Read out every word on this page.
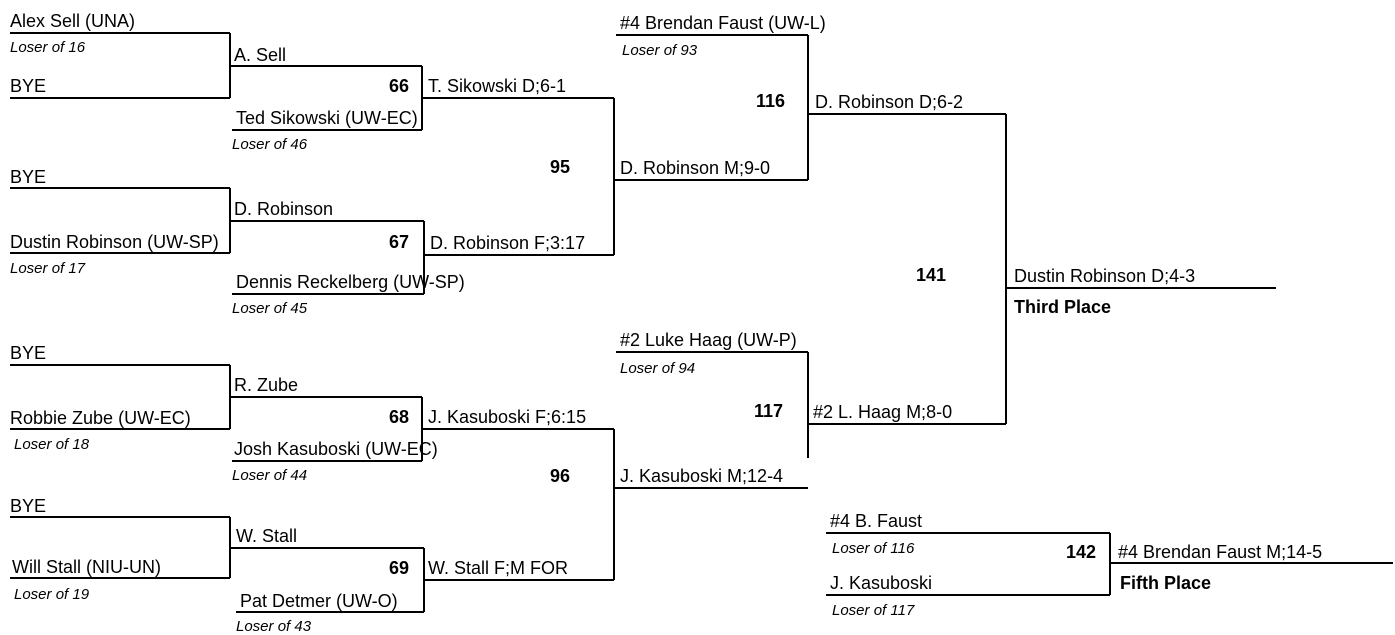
Alex Sell (UNA)
Loser of 16
BYE
A. Sell
Ted Sikowski (UW-EC)
Loser of 46
66 T. Sikowski D;6-1
BYE
D. Robinson
Dustin Robinson (UW-SP)
Loser of 17
Dennis Reckelberg (UW-SP)
Loser of 45
67 D. Robinson F;3:17
95	D. Robinson M;9-0
#4 Brendan Faust (UW-L)
Loser of 93
116 D. Robinson D;6-2
141	Dustin Robinson D;4-3
Third Place
BYE
R. Zube
Robbie Zube (UW-EC)
Loser of 18	Josh Kasuboski (UW-EC)
Loser of 44
68 J. Kasuboski F;6:15
BYE
W. Stall
Will Stall (NIU-UN)
Loser of 19	Pat Detmer (UW-O)
Loser of 43
69 W. Stall F;M FOR
96	J. Kasuboski M;12-4
#2 Luke Haag (UW-P)
Loser of 94
117 #2 L. Haag M;8-0
#4 B. Faust
Loser of 116
J. Kasuboski
Loser of 117
142 #4 Brendan Faust M;14-5
Fifth Place
